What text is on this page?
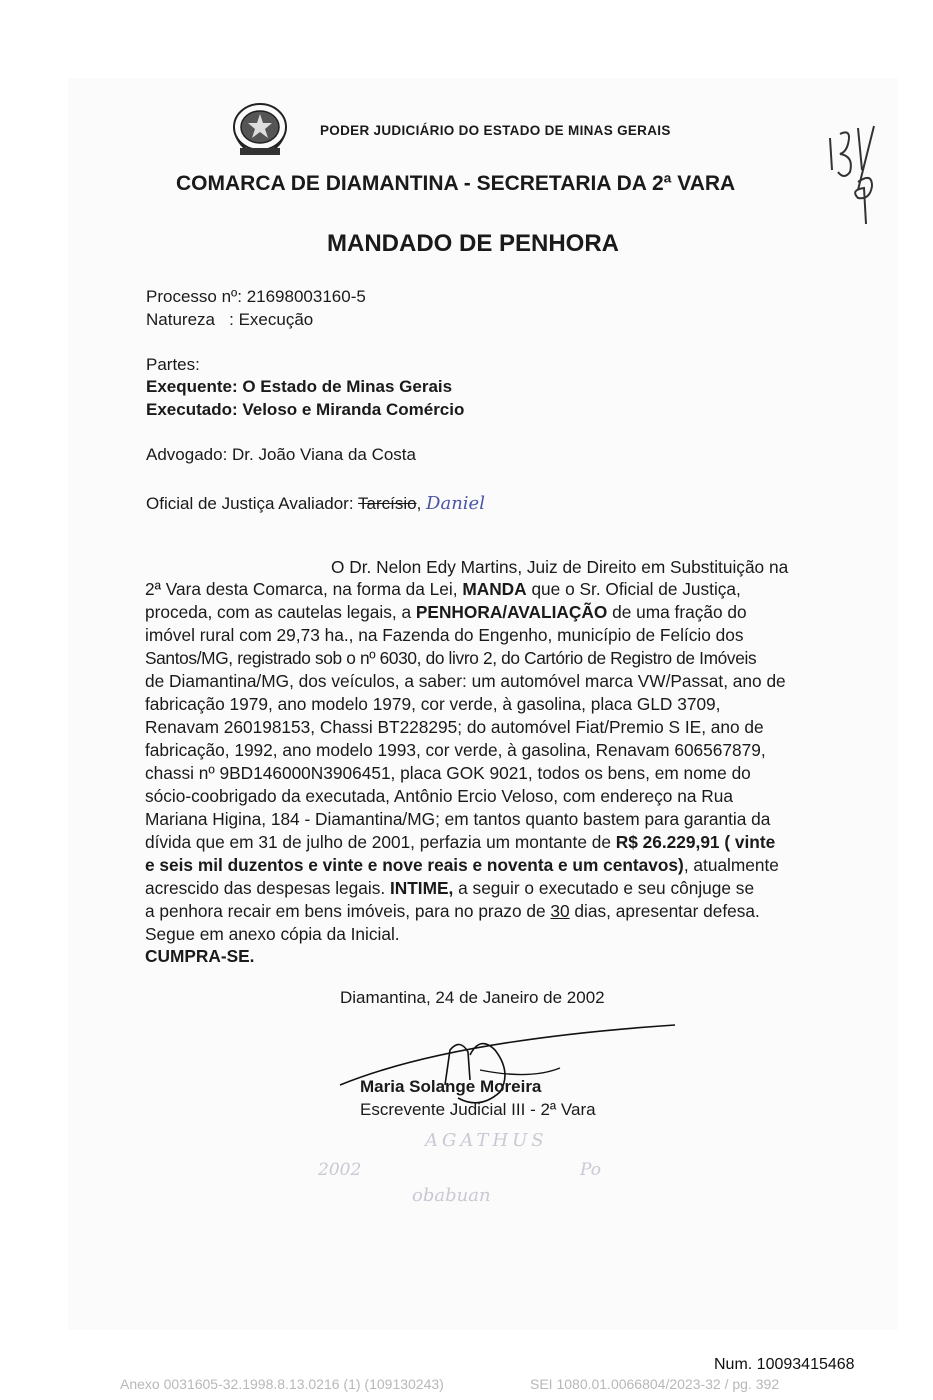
PODER JUDICIÁRIO DO ESTADO DE MINAS GERAIS
COMARCA DE DIAMANTINA - SECRETARIA DA 2ª VARA
MANDADO DE PENHORA
Processo nº: 21698003160-5
Natureza   : Execução
Partes:
Exequente: O Estado de Minas Gerais
Executado: Veloso e Miranda Comércio
Advogado: Dr. João Viana da Costa
Oficial de Justiça Avaliador: Tarcísio, Daniel
O Dr. Nelon Edy Martins, Juiz de Direito em Substituição na
2ª Vara desta Comarca, na forma da Lei, MANDA que o Sr. Oficial de Justiça,
proceda, com as cautelas legais, a PENHORA/AVALIAÇÃO de uma fração do
imóvel rural com 29,73 ha., na Fazenda do Engenho, município de Felício dos
Santos/MG, registrado sob o nº 6030, do livro 2, do Cartório de Registro de Imóveis
de Diamantina/MG, dos veículos, a saber: um automóvel marca VW/Passat, ano de
fabricação 1979, ano modelo 1979, cor verde, à gasolina, placa GLD 3709,
Renavam 260198153, Chassi BT228295; do automóvel Fiat/Premio S IE, ano de
fabricação, 1992, ano modelo 1993, cor verde, à gasolina, Renavam 606567879,
chassi nº 9BD146000N3906451, placa GOK 9021, todos os bens, em nome do
sócio-coobrigado da executada, Antônio Ercio Veloso, com endereço na Rua
Mariana Higina, 184 - Diamantina/MG; em tantos quanto bastem para garantia da
dívida que em 31 de julho de 2001, perfazia um montante de R$ 26.229,91 ( vinte
e seis mil duzentos e vinte e nove reais e noventa e um centavos), atualmente
acrescido das despesas legais. INTIME, a seguir o executado e seu cônjuge se
a penhora recair em bens imóveis, para no prazo de 30 dias, apresentar defesa.
Segue em anexo cópia da Inicial.
CUMPRA-SE.
Diamantina, 24 de Janeiro de 2002
Maria Solange Moreira
Escrevente Judicial III - 2ª Vara
AGATHUS
2002	Po
obabuan
Num. 10093415468
Anexo 0031605-32.1998.8.13.0216 (1) (109130243)	SEI 1080.01.0066804/2023-32 / pg. 392
